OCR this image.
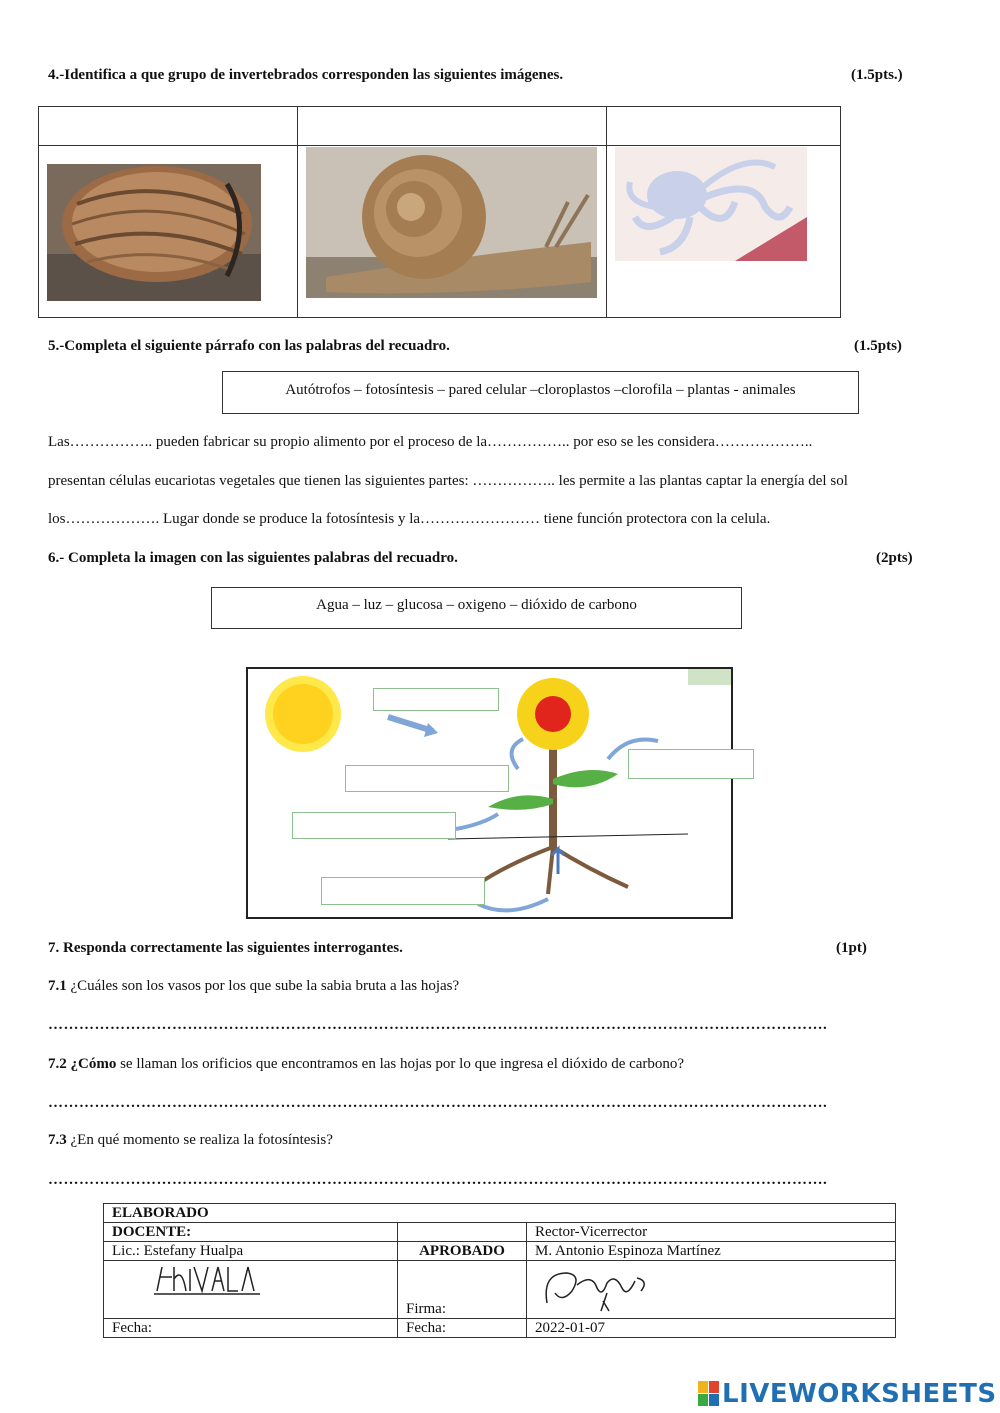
4.-Identifica a que grupo de invertebrados corresponden las siguientes imágenes.	(1.5pts.)

5.-Completa el siguiente párrafo con las palabras del recuadro.	(1.5pts)
Autótrofos – fotosíntesis – pared celular –cloroplastos –clorofila – plantas - animales
Las…………….. pueden fabricar su propio alimento por el proceso de la…………….. por eso se les considera………………..
presentan células eucariotas vegetales que tienen las siguientes partes: …………….. les permite a las plantas captar la energía del sol
los………………. Lugar donde se produce la fotosíntesis y la…………………… tiene función protectora con la celula.
6.- Completa la imagen con las siguientes palabras del recuadro.	(2pts)
Agua – luz – glucosa – oxigeno – dióxido de carbono
7. Responda correctamente las siguientes interrogantes.	(1pt)
7.1 ¿Cuáles son los vasos por los que sube la sabia bruta a las hojas?
…………………………………………………………………………………………………………………………………….
7.2 ¿Cómo se llaman los orificios que encontramos en las hojas por lo que ingresa el dióxido de carbono?
…………………………………………………………………………………………………………………………………….
7.3 ¿En qué momento se realiza la fotosíntesis?
…………………………………………………………………………………………………………………………………….
ELABORADO		
DOCENTE:		Rector-Vicerrector
Lic.: Estefany Hualpa	APROBADO	M. Antonio Espinoza Martínez
	Firma:	
Fecha:	Fecha:	2022-01-07
LIVEWORKSHEETS
